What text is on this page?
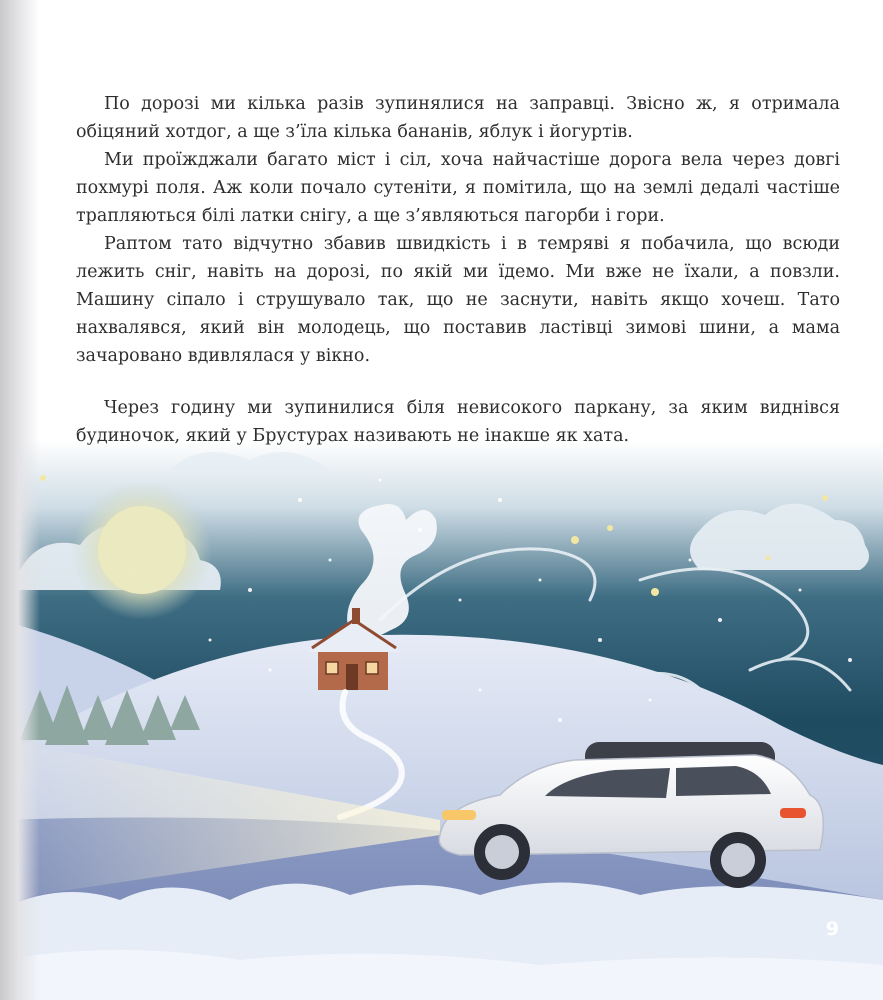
По дорозі ми кілька разів зупинялися на заправці. Звісно ж, я отримала обіцяний хотдог, а ще з’їла кілька бананів, яблук і йогуртів.

Ми проїжджали багато міст і сіл, хоча найчастіше дорога вела через довгі похмурі поля. Аж коли почало сутеніти, я помітила, що на землі дедалі частіше трапляються білі латки снігу, а ще з’являються пагорби і гори.

Раптом тато відчутно збавив швидкість і в темряві я побачила, що всюди лежить сніг, навіть на дорозі, по якій ми їдемо. Ми вже не їхали, а повзли. Машину сіпало і струшувало так, що не заснути, навіть якщо хочеш. Тато нахвалявся, який він молодець, що поставив ластівці зимові шини, а мама зачаровано вдивлялася у вікно.

Через годину ми зупинилися біля невисокого паркану, за яким виднівся будиночок, який у Брустурах називають не інакше як хата.

9
